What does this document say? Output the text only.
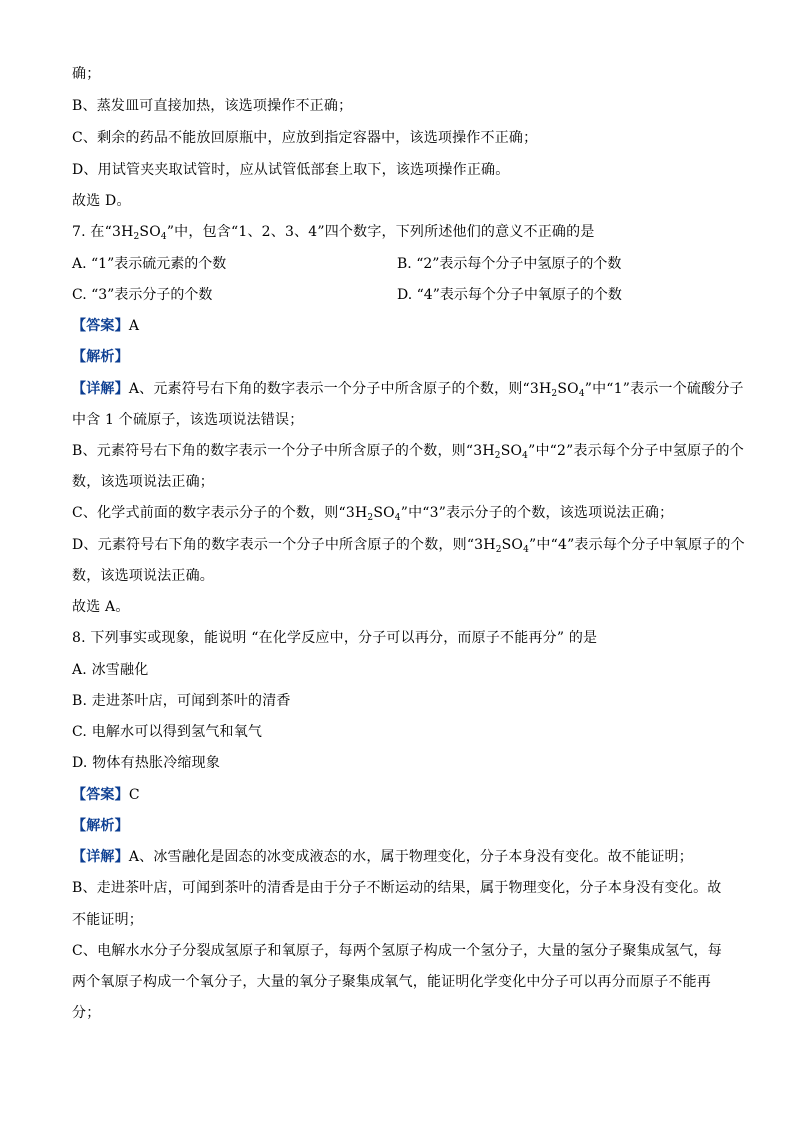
确；
B、蒸发皿可直接加热，该选项操作不正确；
C、剩余的药品不能放回原瓶中，应放到指定容器中，该选项操作不正确；
D、用试管夹夹取试管时，应从试管低部套上取下，该选项操作正确。
故选 D。
7. 在“$3H_2SO_4$”中，包含“1、2、3、4”四个数字，下列所述他们的意义不正确的是
A. “1”表示硫元素的个数	B. “2”表示每个分子中氢原子的个数
C. “3”表示分子的个数	D. “4”表示每个分子中氧原子的个数
【答案】A
【解析】
【详解】A、元素符号右下角的数字表示一个分子中所含原子的个数，则“$3H_2SO_4$”中“1”表示一个硫酸分子
中含 1 个硫原子，该选项说法错误；
B、元素符号右下角的数字表示一个分子中所含原子的个数，则“$3H_2SO_4$”中“2”表示每个分子中氢原子的个
数，该选项说法正确；
C、化学式前面的数字表示分子的个数，则“$3H_2SO_4$”中“3”表示分子的个数，该选项说法正确；
D、元素符号右下角的数字表示一个分子中所含原子的个数，则“$3H_2SO_4$”中“4”表示每个分子中氧原子的个
数，该选项说法正确。
故选 A。
8. 下列事实或现象，能说明 “在化学反应中，分子可以再分，而原子不能再分” 的是
A. 冰雪融化
B. 走进茶叶店，可闻到茶叶的清香
C. 电解水可以得到氢气和氧气
D. 物体有热胀冷缩现象
【答案】C
【解析】
【详解】A、冰雪融化是固态的冰变成液态的水，属于物理变化，分子本身没有变化。故不能证明；
B、走进茶叶店，可闻到茶叶的清香是由于分子不断运动的结果，属于物理变化，分子本身没有变化。故
不能证明；
C、电解水水分子分裂成氢原子和氧原子，每两个氢原子构成一个氢分子，大量的氢分子聚集成氢气，每
两个氧原子构成一个氧分子，大量的氧分子聚集成氧气，能证明化学变化中分子可以再分而原子不能再
分；
